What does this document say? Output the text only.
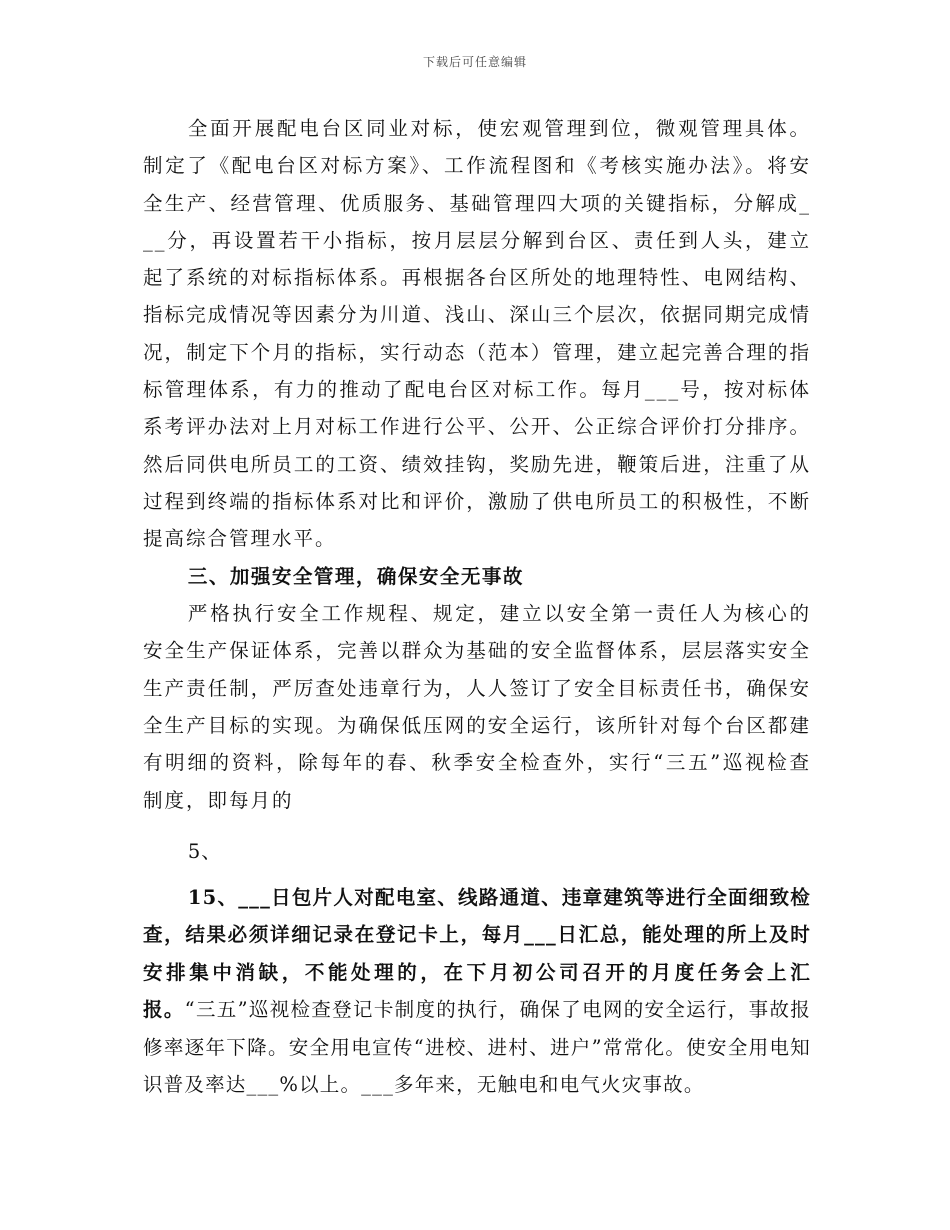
下载后可任意编辑

全面开展配电台区同业对标，使宏观管理到位，微观管理具体。制定了《配电台区对标方案》、工作流程图和《考核实施办法》。将安全生产、经营管理、优质服务、基础管理四大项的关键指标，分解成___分，再设置若干小指标，按月层层分解到台区、责任到人头，建立起了系统的对标指标体系。再根据各台区所处的地理特性、电网结构、指标完成情况等因素分为川道、浅山、深山三个层次，依据同期完成情况，制定下个月的指标，实行动态（范本）管理，建立起完善合理的指标管理体系，有力的推动了配电台区对标工作。每月___号，按对标体系考评办法对上月对标工作进行公平、公开、公正综合评价打分排序。然后同供电所员工的工资、绩效挂钩，奖励先进，鞭策后进，注重了从过程到终端的指标体系对比和评价，激励了供电所员工的积极性，不断提高综合管理水平。

三、加强安全管理，确保安全无事故

严格执行安全工作规程、规定，建立以安全第一责任人为核心的安全生产保证体系，完善以群众为基础的安全监督体系，层层落实安全生产责任制，严厉查处违章行为，人人签订了安全目标责任书，确保安全生产目标的实现。为确保低压网的安全运行，该所针对每个台区都建有明细的资料，除每年的春、秋季安全检查外，实行“三五”巡视检查制度，即每月的

5、

15、___日包片人对配电室、线路通道、违章建筑等进行全面细致检查，结果必须详细记录在登记卡上，每月___日汇总，能处理的所上及时安排集中消缺，不能处理的，在下月初公司召开的月度任务会上汇报。“三五”巡视检查登记卡制度的执行，确保了电网的安全运行，事故报修率逐年下降。安全用电宣传“进校、进村、进户”常常化。使安全用电知识普及率达___%以上。___多年来，无触电和电气火灾事故。
